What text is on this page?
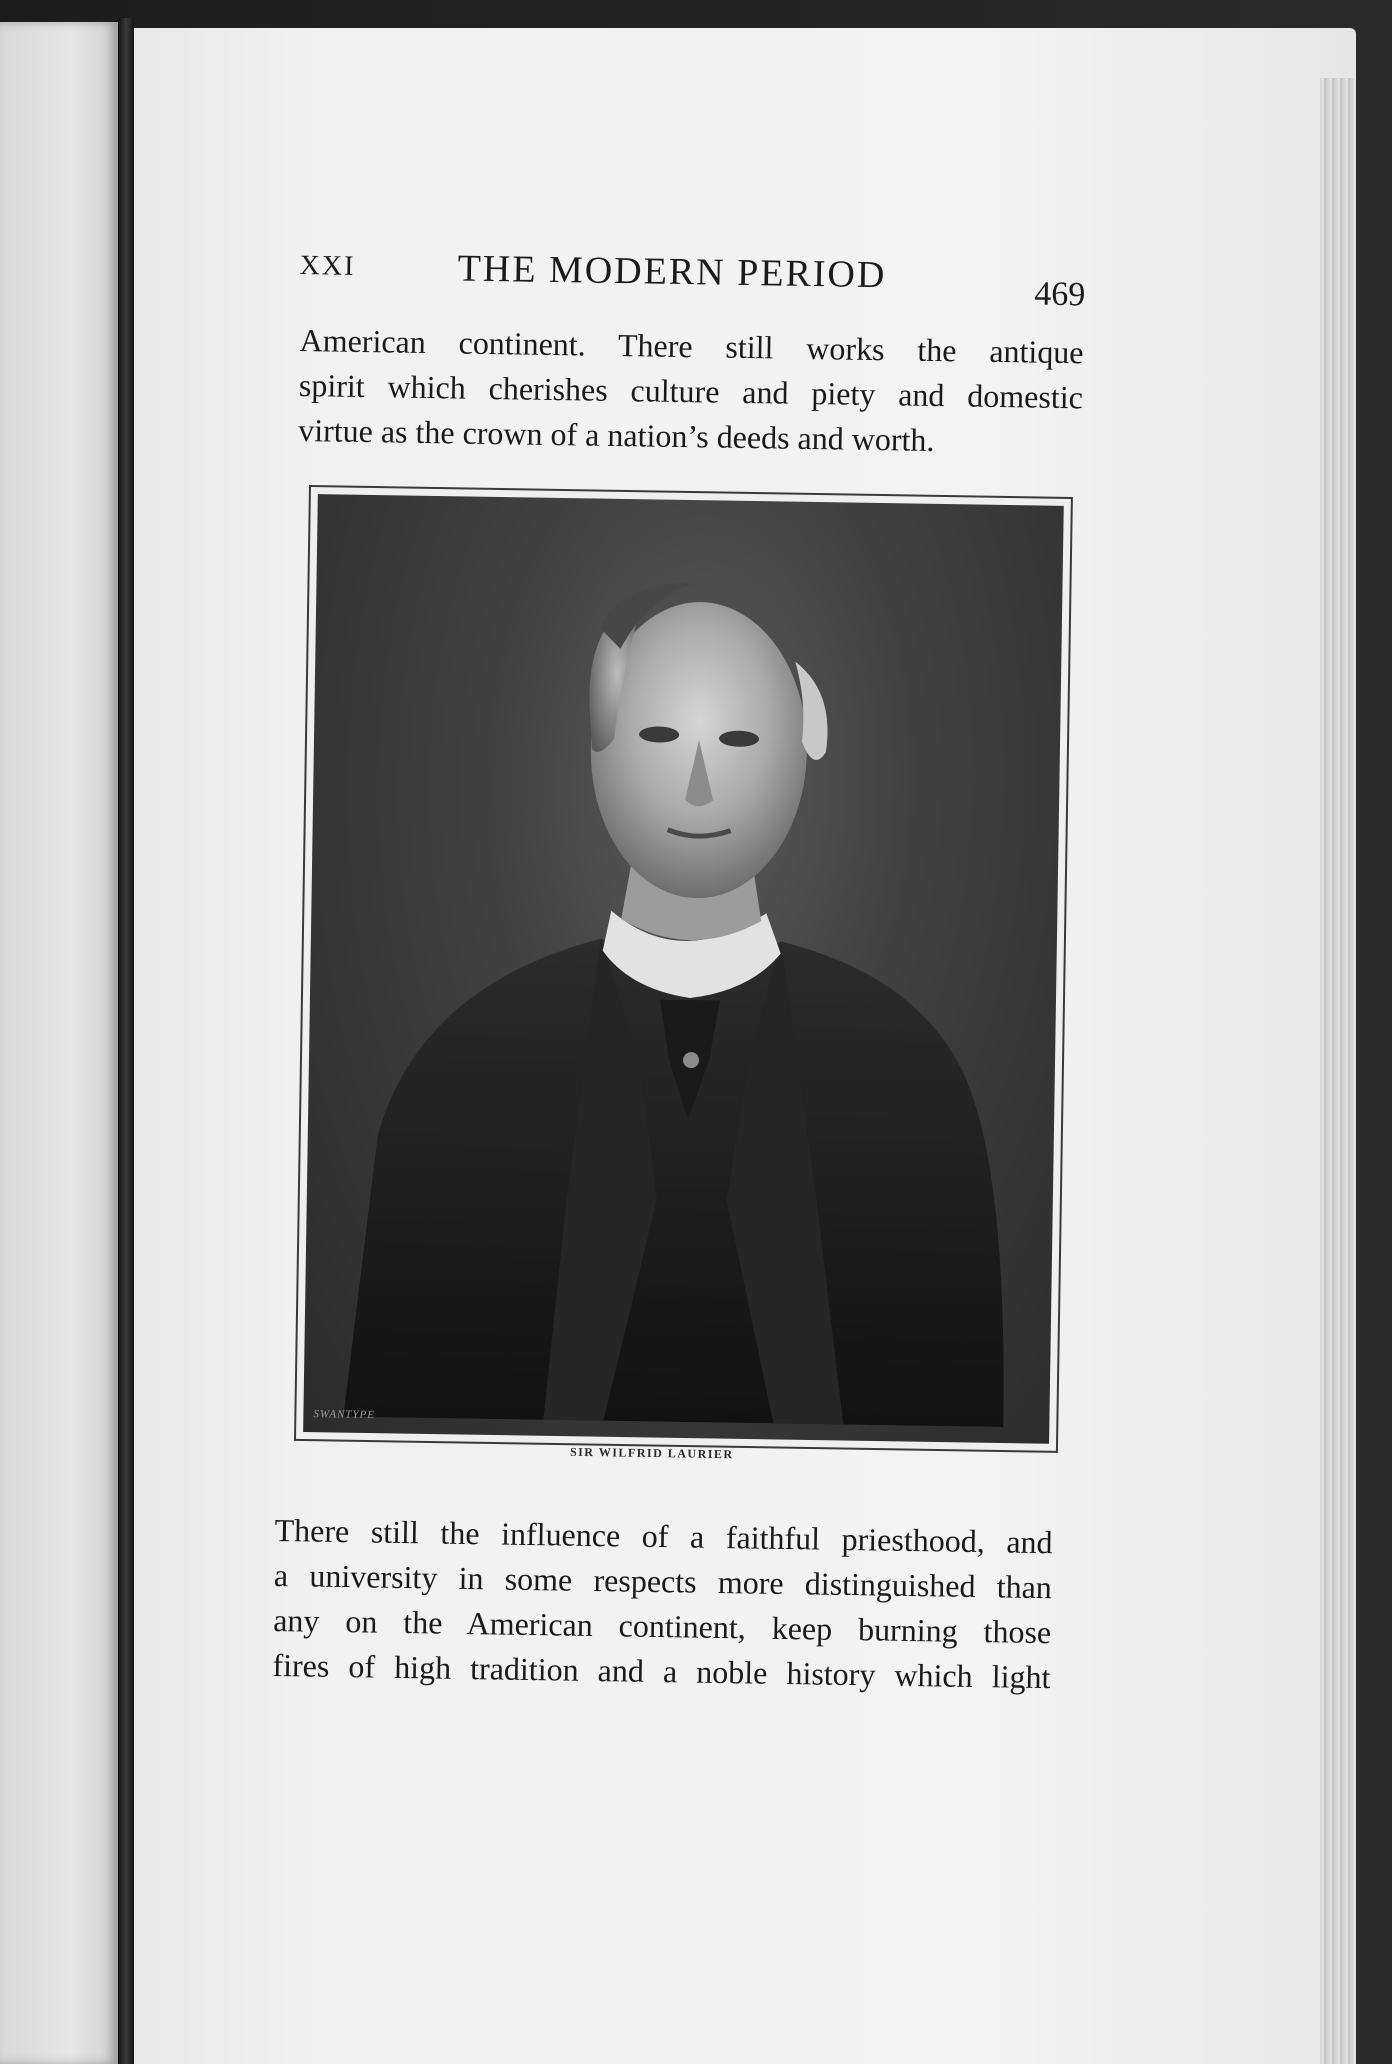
XXI	THE MODERN PERIOD	469
American continent. There still works the antique
spirit which cherishes culture and piety and domestic
virtue as the crown of a nation’s deeds and worth.
SWANTYPE
SIR WILFRID LAURIER
There still the influence of a faithful priesthood, and
a university in some respects more distinguished than
any on the American continent, keep burning those
fires of high tradition and a noble history which light
